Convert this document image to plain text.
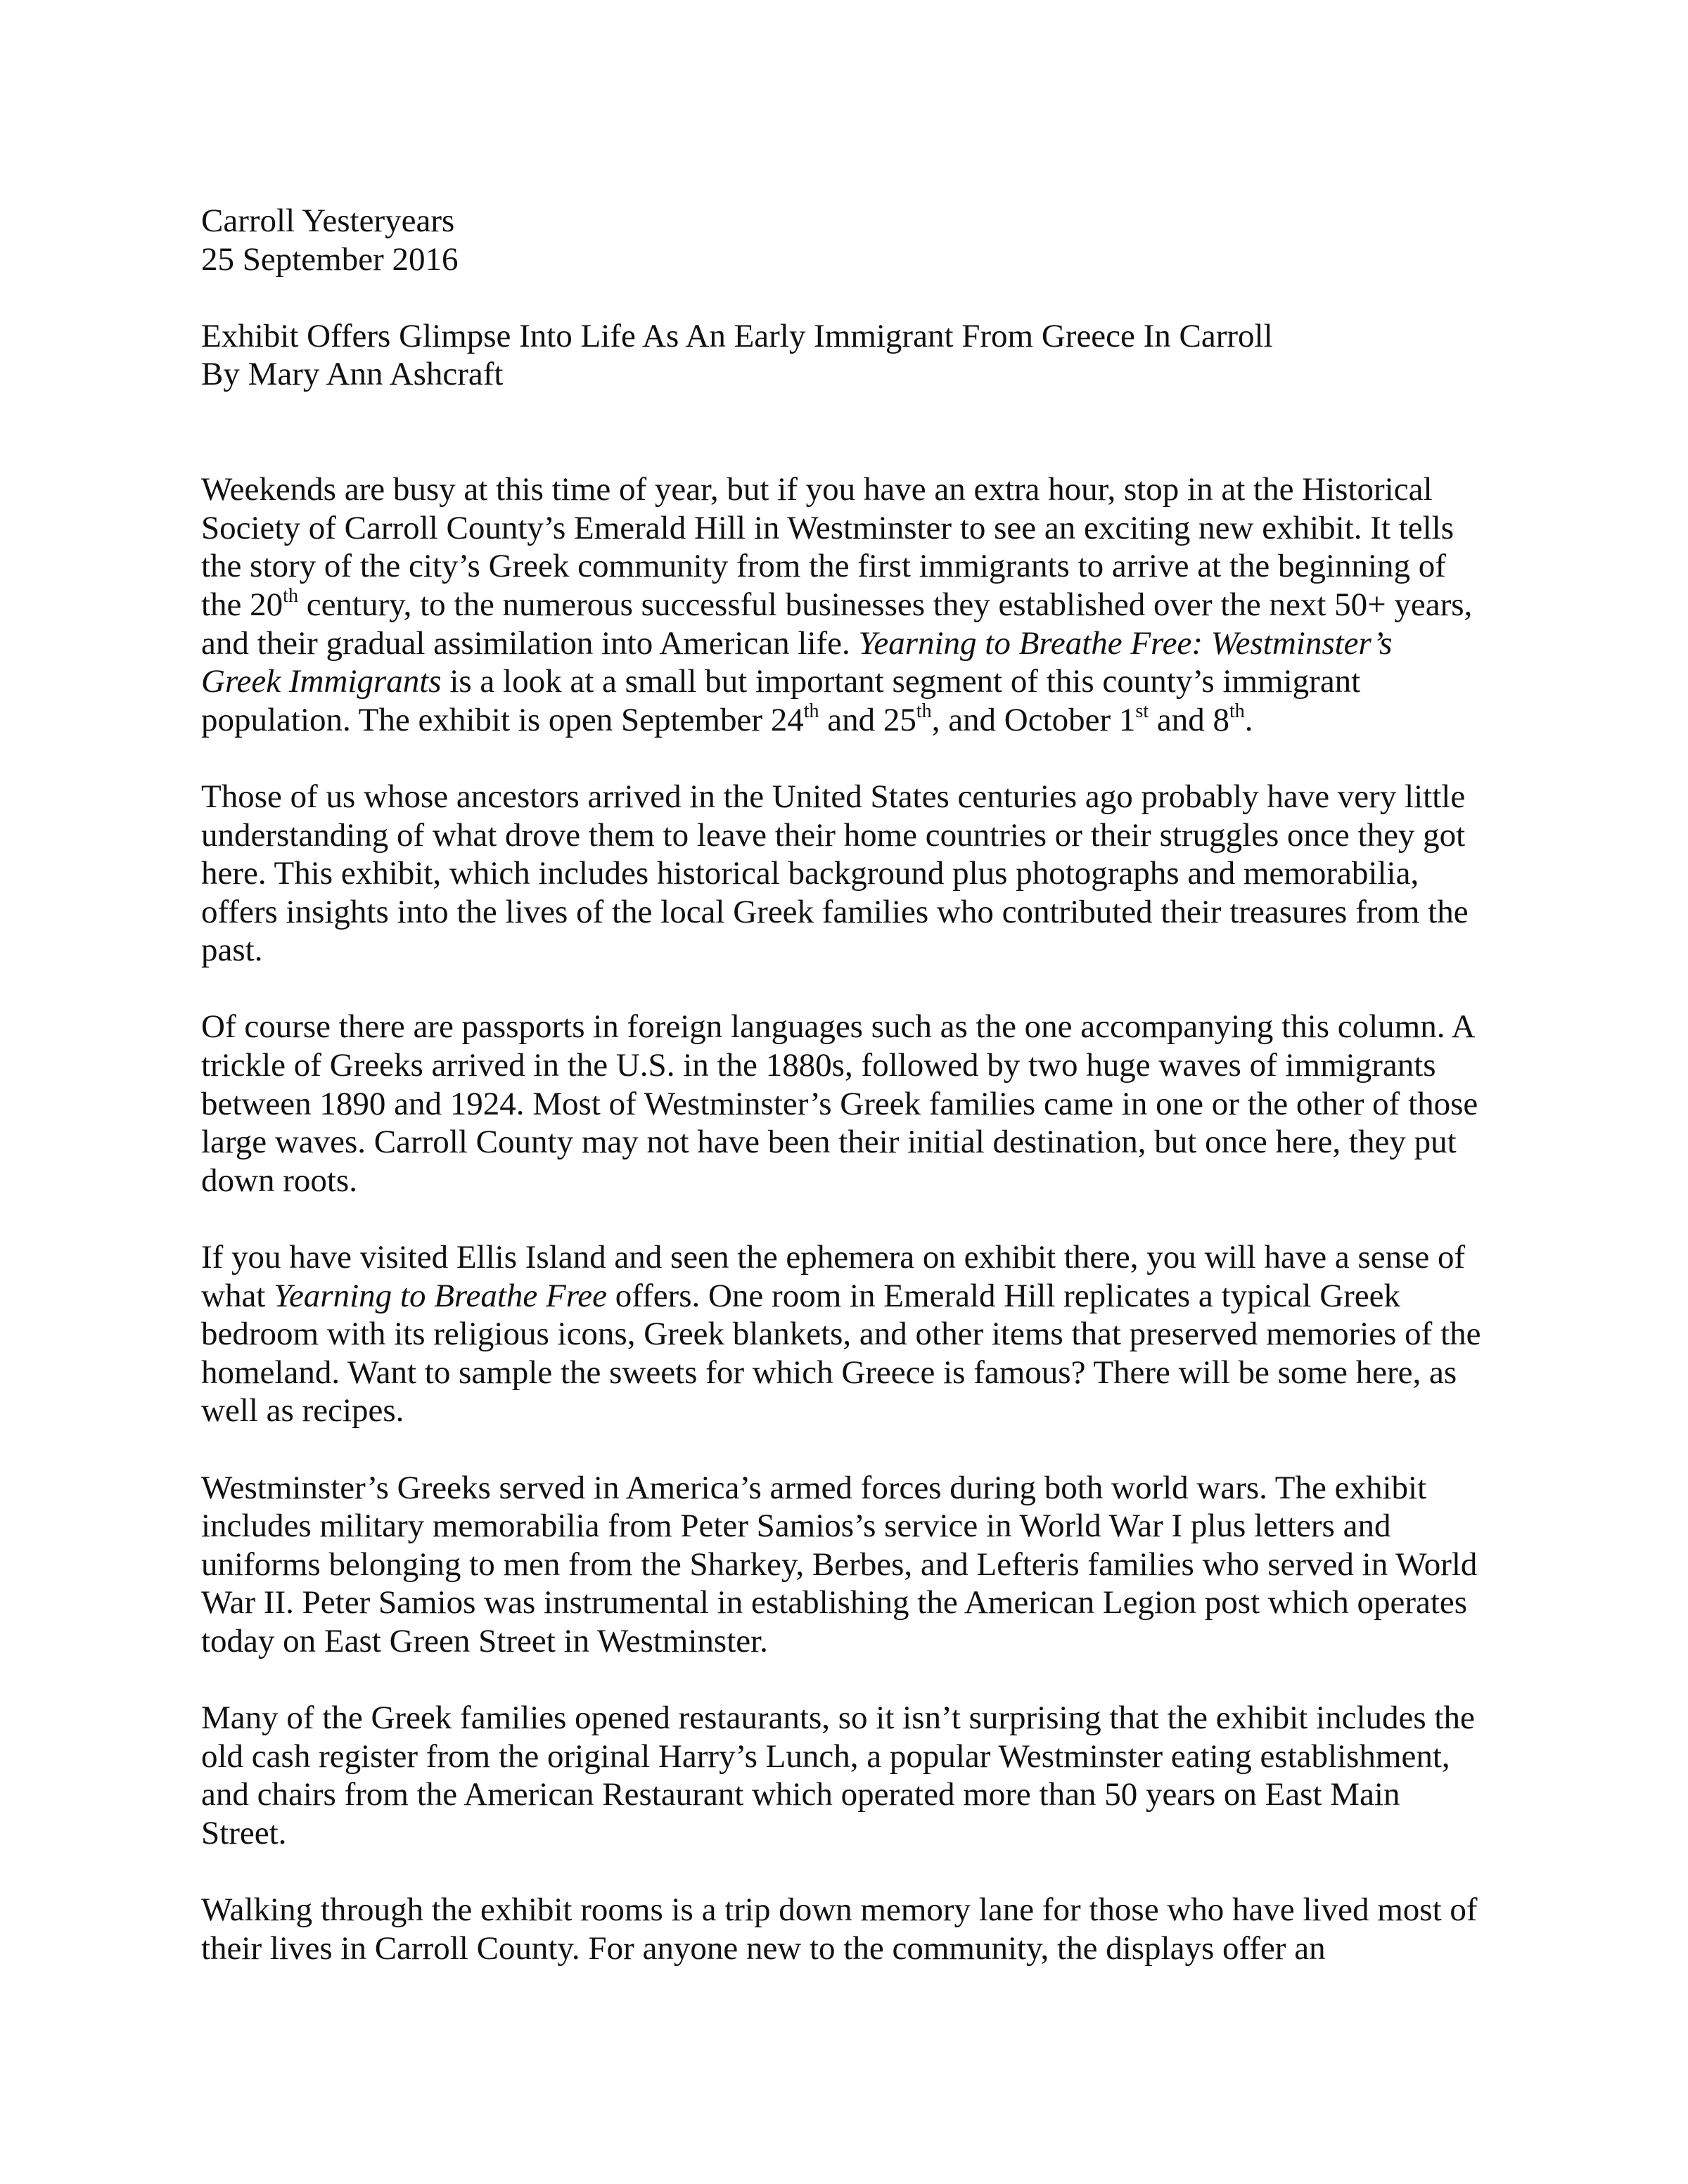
Carroll Yesteryears
25 September 2016
Exhibit Offers Glimpse Into Life As An Early Immigrant From Greece In Carroll
By Mary Ann Ashcraft
Weekends are busy at this time of year, but if you have an extra hour, stop in at the Historical
Society of Carroll County’s Emerald Hill in Westminster to see an exciting new exhibit. It tells
the story of the city’s Greek community from the first immigrants to arrive at the beginning of
the 20th century, to the numerous successful businesses they established over the next 50+ years,
and their gradual assimilation into American life. Yearning to Breathe Free: Westminster’s
Greek Immigrants is a look at a small but important segment of this county’s immigrant
population. The exhibit is open September 24th and 25th, and October 1st and 8th.
Those of us whose ancestors arrived in the United States centuries ago probably have very little
understanding of what drove them to leave their home countries or their struggles once they got
here. This exhibit, which includes historical background plus photographs and memorabilia,
offers insights into the lives of the local Greek families who contributed their treasures from the
past.
Of course there are passports in foreign languages such as the one accompanying this column. A
trickle of Greeks arrived in the U.S. in the 1880s, followed by two huge waves of immigrants
between 1890 and 1924. Most of Westminster’s Greek families came in one or the other of those
large waves. Carroll County may not have been their initial destination, but once here, they put
down roots.
If you have visited Ellis Island and seen the ephemera on exhibit there, you will have a sense of
what Yearning to Breathe Free offers. One room in Emerald Hill replicates a typical Greek
bedroom with its religious icons, Greek blankets, and other items that preserved memories of the
homeland. Want to sample the sweets for which Greece is famous? There will be some here, as
well as recipes.
Westminster’s Greeks served in America’s armed forces during both world wars. The exhibit
includes military memorabilia from Peter Samios’s service in World War I plus letters and
uniforms belonging to men from the Sharkey, Berbes, and Lefteris families who served in World
War II. Peter Samios was instrumental in establishing the American Legion post which operates
today on East Green Street in Westminster.
Many of the Greek families opened restaurants, so it isn’t surprising that the exhibit includes the
old cash register from the original Harry’s Lunch, a popular Westminster eating establishment,
and chairs from the American Restaurant which operated more than 50 years on East Main
Street.
Walking through the exhibit rooms is a trip down memory lane for those who have lived most of
their lives in Carroll County. For anyone new to the community, the displays offer an
